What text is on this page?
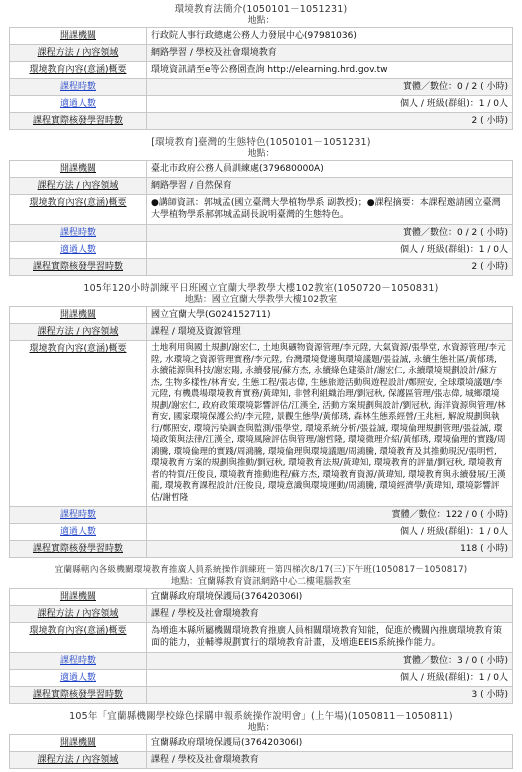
環境教育法簡介(1050101－1051231)
地點：
開課機關	行政院人事行政總處公務人力發展中心(97981036)
課程方法 / 內容領域	網路學習 / 學校及社會環境教育
環境教育內容(意涵)概要	環境資訊請至e等公務園查詢 http://elearning.hrd.gov.tw
課程時數	實體／數位：0 / 2 ( 小時)
適過人數	個人 / 班級(群組)：1 / 0人
課程實際核發學習時數	2 ( 小時)
[環境教育]臺灣的生態特色(1050101－1051231)
地點：
開課機關	臺北市政府公務人員訓練處(379680000A)
課程方法 / 內容領域	網路學習 / 自然保育
環境教育內容(意涵)概要	●講師資訊：郭城孟(國立臺灣大學植物學系 副教授)；●課程摘要：本課程邀請國立臺灣大學植物學系郝郭城孟副長說明臺灣的生態特色。
課程時數	實體／數位：0 / 2 ( 小時)
適過人數	個人 / 班級(群組)：1 / 0人
課程實際核發學習時數	2 ( 小時)
105年120小時訓練平日班國立宜蘭大學教學大樓102教室(1050720－1050831)
地點：國立宜蘭大學教學大樓102教室
開課機關	國立宜蘭大學(G024152711)
課程方法 / 內容領域	課程 / 環境及資源管理
環境教育內容(意涵)概要	土地利用與國土規劃/謝宏仁, 土地與礦物資源管理/李元陞, 大氣資源/張學堂, 水資源管理/李元陞, 水環境之資源管理實務/李元陞, 台灣環境覺邊與環境議題/張益誠, 永續生態社區/黃郁琇, 永續能源與科技/謝宏陽, 永續發展/蘇方杰, 永續綠色建築計/謝宏仁, 永續環境規劃設計/蘇方杰, 生物多樣性/林育安, 生態工程/張志偉, 生態旅遊活動與遊程設計/鄭照安, 全球環境議題/李元陞, 有機農場環境教育實務/黃瑋知, 非營利組織治理/劉冠秋, 保護區管理/張志偉, 城鄉環境規劃/謝宏仁, 政府政策環境影響評估/江漢全, 活動方案規劃與設計/劉冠秋, 海洋資源與管理/林育安, 國家環境保護公約/李元陞, 景觀生態學/黃郁琇, 森林生態系經營/王兆桓, 解說規劃與執行/鄭照安, 環境污染調查與監測/張學堂, 環境系統分析/張益誠, 環境倫理規劃管理/張益誠, 環境政策與法律/江漢全, 環境風險評估與管理/謝哲隆, 環境微理介紹/黃郁琇, 環境倫理的實踐/周鴻騰, 環境倫理的實踐/周鴻騰, 環境倫理與環境議題/周鴻騰, 環境教育及其推動現況/張明哲, 環境教育方案的規劃與推動/劉冠秋, 環境教育法規/黃瑋知, 環境教育的評量/劉冠秋, 環境教育者的特質/汪俊良, 環境教育推動進程/蘇方杰, 環境教育資源/黃瑋知, 環境教育與永續發展/王漢龍, 環境教育課程設計/汪俊良, 環境意識與環境運動/周鴻騰, 環境經濟學/黃瑋知, 環境影響評估/謝哲隆
課程時數	實體／數位：122 / 0 ( 小時)
適過人數	個人 / 班級(群組)：1 / 0人
課程實際核發學習時數	118 ( 小時)
宜蘭縣轄內各級機關環境教育推廣人員系統操作訓練班－第四梯次8/17(三)下午班(1050817－1050817)
地點：宜蘭縣教育資訊網路中心二樓電腦教室
開課機關	宜蘭縣政府環境保護局(376420306I)
課程方法 / 內容領域	課程 / 學校及社會環境教育
環境教育內容(意涵)概要	為增進本縣所屬機關環境教育推廣人員相關環境教育知能，促進於機關內推廣環境教育策面的能力，並輔導規劃實行的環境教育計畫，及增進EEIS系統操作能力。
課程時數	實體／數位：3 / 0 ( 小時)
適過人數	個人 / 班級(群組)：1 / 0人
課程實際核發學習時數	3 ( 小時)
105年「宜蘭縣機關學校綠色採購申報系統操作說明會」(上午場)(1050811－1050811)
地點：
開課機關	宜蘭縣政府環境保護局(376420306I)
課程方法 / 內容領域	課程 / 學校及社會環境教育
